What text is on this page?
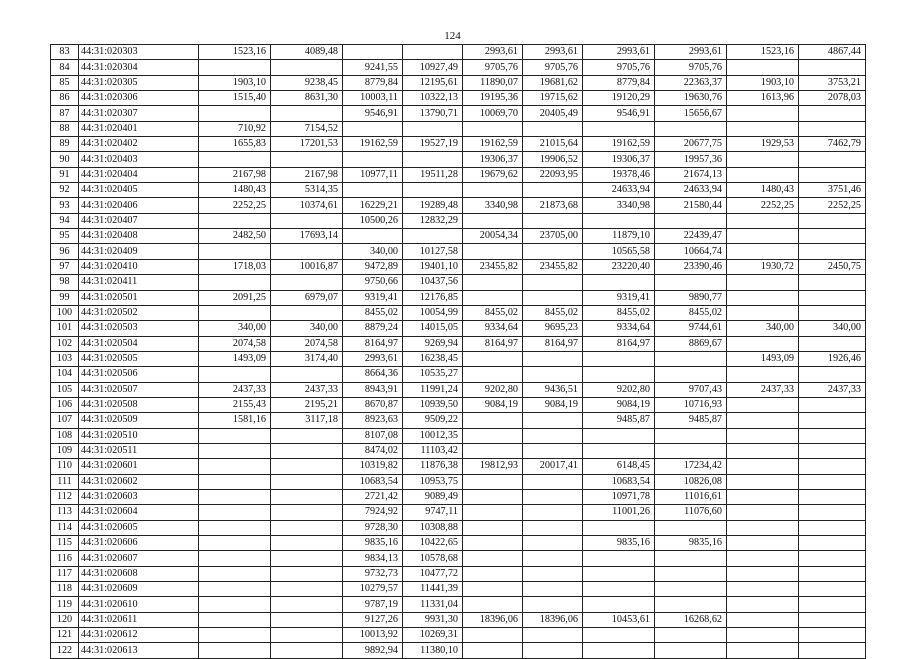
124
83	44:31:020303	1523,16	4089,48			2993,61	2993,61	2993,61	2993,61	1523,16	4867,44
84	44:31:020304			9241,55	10927,49	9705,76	9705,76	9705,76	9705,76		
85	44:31:020305	1903,10	9238,45	8779,84	12195,61	11890,07	19681,62	8779,84	22363,37	1903,10	3753,21
86	44:31:020306	1515,40	8631,30	10003,11	10322,13	19195,36	19715,62	19120,29	19630,76	1613,96	2078,03
87	44:31:020307			9546,91	13790,71	10069,70	20405,49	9546,91	15656,67		
88	44:31:020401	710,92	7154,52								
89	44:31:020402	1655,83	17201,53	19162,59	19527,19	19162,59	21015,64	19162,59	20677,75	1929,53	7462,79
90	44:31:020403					19306,37	19906,52	19306,37	19957,36		
91	44:31:020404	2167,98	2167,98	10977,11	19511,28	19679,62	22093,95	19378,46	21674,13		
92	44:31:020405	1480,43	5314,35					24633,94	24633,94	1480,43	3751,46
93	44:31:020406	2252,25	10374,61	16229,21	19289,48	3340,98	21873,68	3340,98	21580,44	2252,25	2252,25
94	44:31:020407			10500,26	12832,29						
95	44:31:020408	2482,50	17693,14			20054,34	23705,00	11879,10	22439,47		
96	44:31:020409			340,00	10127,58			10565,58	10664,74		
97	44:31:020410	1718,03	10016,87	9472,89	19401,10	23455,82	23455,82	23220,40	23390,46	1930,72	2450,75
98	44:31:020411			9750,66	10437,56						
99	44:31:020501	2091,25	6979,07	9319,41	12176,85			9319,41	9890,77		
100	44:31:020502			8455,02	10054,99	8455,02	8455,02	8455,02	8455,02		
101	44:31:020503	340,00	340,00	8879,24	14015,05	9334,64	9695,23	9334,64	9744,61	340,00	340,00
102	44:31:020504	2074,58	2074,58	8164,97	9269,94	8164,97	8164,97	8164,97	8869,67		
103	44:31:020505	1493,09	3174,40	2993,61	16238,45					1493,09	1926,46
104	44:31:020506			8664,36	10535,27						
105	44:31:020507	2437,33	2437,33	8943,91	11991,24	9202,80	9436,51	9202,80	9707,43	2437,33	2437,33
106	44:31:020508	2155,43	2195,21	8670,87	10939,50	9084,19	9084,19	9084,19	10716,93		
107	44:31:020509	1581,16	3117,18	8923,63	9509,22			9485,87	9485,87		
108	44:31:020510			8107,08	10012,35						
109	44:31:020511			8474,02	11103,42						
110	44:31:020601			10319,82	11876,38	19812,93	20017,41	6148,45	17234,42		
111	44:31:020602			10683,54	10953,75			10683,54	10826,08		
112	44:31:020603			2721,42	9089,49			10971,78	11016,61		
113	44:31:020604			7924,92	9747,11			11001,26	11076,60		
114	44:31:020605			9728,30	10308,88						
115	44:31:020606			9835,16	10422,65			9835,16	9835,16		
116	44:31:020607			9834,13	10578,68						
117	44:31:020608			9732,73	10477,72						
118	44:31:020609			10279,57	11441,39						
119	44:31:020610			9787,19	11331,04						
120	44:31:020611			9127,26	9931,30	18396,06	18396,06	10453,61	16268,62		
121	44:31:020612			10013,92	10269,31						
122	44:31:020613			9892,94	11380,10						
